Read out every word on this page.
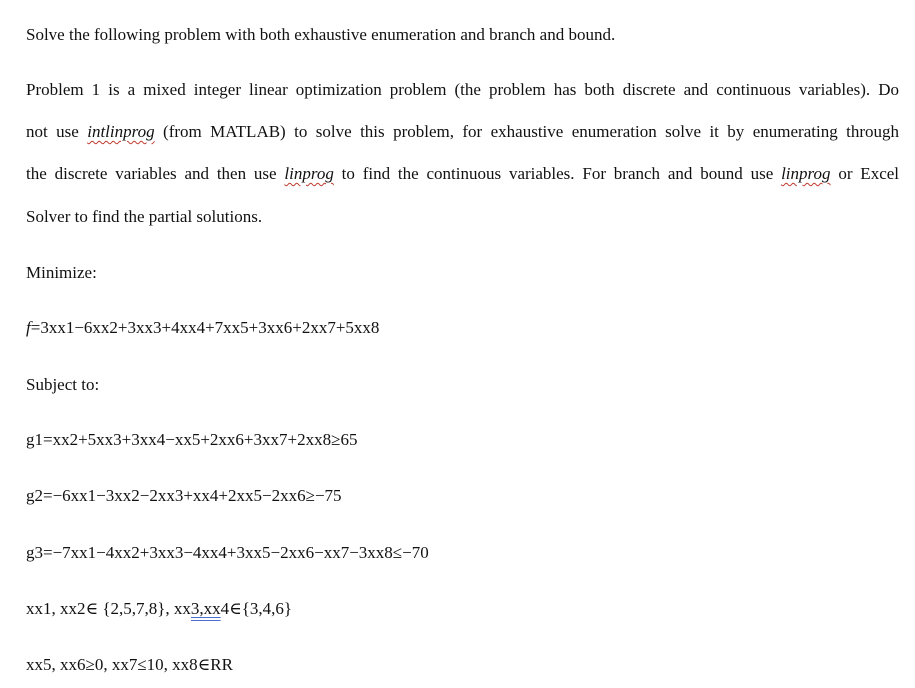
Solve the following problem with both exhaustive enumeration and branch and bound.
Problem 1 is a mixed integer linear optimization problem (the problem has both discrete and continuous variables). Do
not use intlinprog (from MATLAB) to solve this problem, for exhaustive enumeration solve it by enumerating through
the discrete variables and then use linprog to find the continuous variables. For branch and bound use linprog or Excel
Solver to find the partial solutions.
Minimize:
f=3xx1−6xx2+3xx3+4xx4+7xx5+3xx6+2xx7+5xx8
Subject to:
g1=xx2+5xx3+3xx4−xx5+2xx6+3xx7+2xx8≥65
g2=−6xx1−3xx2−2xx3+xx4+2xx5−2xx6≥−75
g3=−7xx1−4xx2+3xx3−4xx4+3xx5−2xx6−xx7−3xx8≤−70
xx1, xx2∈ {2,5,7,8}, xx3,xx4∈{3,4,6}
xx5, xx6≥0, xx7≤10, xx8∈RR
